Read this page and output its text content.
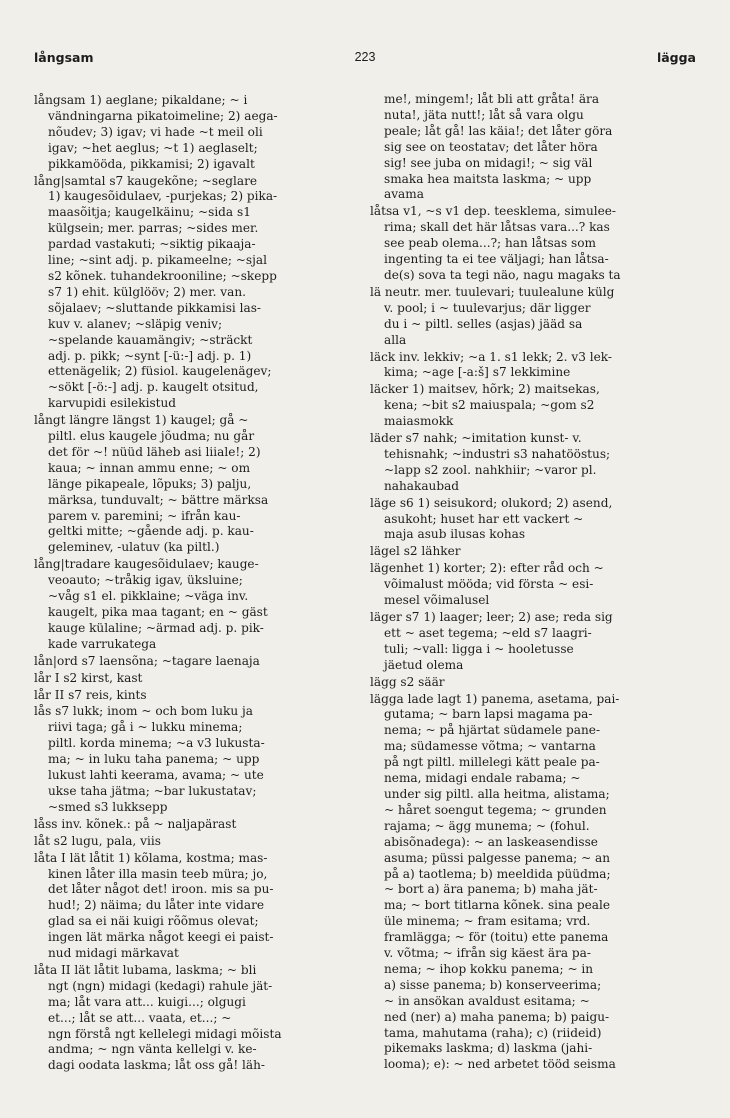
långsam	223	lägga
långsam 1) aeglane; pikaldane; ~ i
vändningarna pikatoimeline; 2) aega-
nõudev; 3) igav; vi hade ~t meil oli
igav; ~het aeglus; ~t 1) aeglaselt;
pikkamööda, pikkamisi; 2) igavalt
lång|samtal s7 kaugekõne; ~seglare
1) kaugesõidulaev, -purjekas; 2) pika-
maasõitja; kaugelkäinu; ~sida s1
külgsein; mer. parras; ~sides mer.
pardad vastakuti; ~siktig pikaaja-
line; ~sint adj. p. pikameelne; ~sjal
s2 kõnek. tuhandekrooniline; ~skepp
s7 1) ehit. külglööv; 2) mer. van.
sõjalaev; ~sluttande pikkamisi las-
kuv v. alanev; ~släpig veniv;
~spelande kauamängiv; ~sträckt
adj. p. pikk; ~synt [-ü:-] adj. p. 1)
ettenägelik; 2) füsiol. kaugelenägev;
~sökt [-ö:-] adj. p. kaugelt otsitud,
karvupidi esilekistud
långt längre längst 1) kaugel; gå ~
piltl. elus kaugele jõudma; nu går
det för ~! nüüd läheb asi liiale!; 2)
kaua; ~ innan ammu enne; ~ om
länge pikapeale, lõpuks; 3) palju,
märksa, tunduvalt; ~ bättre märksa
parem v. paremini; ~ ifrån kau-
geltki mitte; ~gående adj. p. kau-
geleminev, -ulatuv (ka piltl.)
lång|tradare kaugesõidulaev; kauge-
veoauto; ~tråkig igav, üksluine;
~våg s1 el. pikklaine; ~väga inv.
kaugelt, pika maa tagant; en ~ gäst
kauge külaline; ~ärmad adj. p. pik-
kade varrukatega
lån|ord s7 laensõna; ~tagare laenaja
lår I s2 kirst, kast
lår II s7 reis, kints
lås s7 lukk; inom ~ och bom luku ja
riivi taga; gå i ~ lukku minema;
piltl. korda minema; ~a v3 lukusta-
ma; ~ in luku taha panema; ~ upp
lukust lahti keerama, avama; ~ ute
ukse taha jätma; ~bar lukustatav;
~smed s3 lukksepp
låss inv. kõnek.: på ~ naljapärast
låt s2 lugu, pala, viis
låta I lät låtit 1) kõlama, kostma; mas-
kinen låter illa masin teeb müra; jo,
det låter något det! iroon. mis sa pu-
hud!; 2) näima; du låter inte vidare
glad sa ei näi kuigi rõõmus olevat;
ingen lät märka något keegi ei paist-
nud midagi märkavat
låta II lät låtit lubama, laskma; ~ bli
ngt (ngn) midagi (kedagi) rahule jät-
ma; låt vara att... kuigi...; olgugi
et...; låt se att... vaata, et...; ~
ngn förstå ngt kellelegi midagi mõista
andma; ~ ngn vänta kellelgi v. ke-
dagi oodata laskma; låt oss gå! läh-
me!, mingem!; låt bli att gråta! ära
nuta!, jäta nutt!; låt så vara olgu
peale; låt gå! las käia!; det låter göra
sig see on teostatav; det låter höra
sig! see juba on midagi!; ~ sig väl
smaka hea maitsta laskma; ~ upp
avama
låtsa v1, ~s v1 dep. teesklema, simulee-
rima; skall det här låtsas vara...? kas
see peab olema...?; han låtsas som
ingenting ta ei tee väljagi; han låtsa-
de(s) sova ta tegi näo, nagu magaks ta
lä neutr. mer. tuulevari; tuulealune külg
v. pool; i ~ tuulevarjus; där ligger
du i ~ piltl. selles (asjas) jääd sa
alla
läck inv. lekkiv; ~a 1. s1 lekk; 2. v3 lek-
kima; ~age [-a:š] s7 lekkimine
läcker 1) maitsev, hõrk; 2) maitsekas,
kena; ~bit s2 maiuspala; ~gom s2
maiasmokk
läder s7 nahk; ~imitation kunst- v.
tehisnahk; ~industri s3 nahatööstus;
~lapp s2 zool. nahkhiir; ~varor pl.
nahakaubad
läge s6 1) seisukord; olukord; 2) asend,
asukoht; huset har ett vackert ~
maja asub ilusas kohas
lägel s2 lähker
lägenhet 1) korter; 2): efter råd och ~
võimalust mööda; vid första ~ esi-
mesel võimalusel
läger s7 1) laager; leer; 2) ase; reda sig
ett ~ aset tegema; ~eld s7 laagri-
tuli; ~vall: ligga i ~ hooletusse
jäetud olema
lägg s2 säär
lägga lade lagt 1) panema, asetama, pai-
gutama; ~ barn lapsi magama pa-
nema; ~ på hjärtat südamele pane-
ma; südamesse võtma; ~ vantarna
på ngt piltl. millelegi kätt peale pa-
nema, midagi endale rabama; ~
under sig piltl. alla heitma, alistama;
~ håret soengut tegema; ~ grunden
rajama; ~ ägg munema; ~ (fohul.
abisõnadega): ~ an laskeasendisse
asuma; püssi palgesse panema; ~ an
på a) taotlema; b) meeldida püüdma;
~ bort a) ära panema; b) maha jät-
ma; ~ bort titlarna kõnek. sina peale
üle minema; ~ fram esitama; vrd.
framlägga; ~ för (toitu) ette panema
v. võtma; ~ ifrån sig käest ära pa-
nema; ~ ihop kokku panema; ~ in
a) sisse panema; b) konserveerima;
~ in ansökan avaldust esitama; ~
ned (ner) a) maha panema; b) paigu-
tama, mahutama (raha); c) (riideid)
pikemaks laskma; d) laskma (jahi-
looma); e): ~ ned arbetet tööd seisma
